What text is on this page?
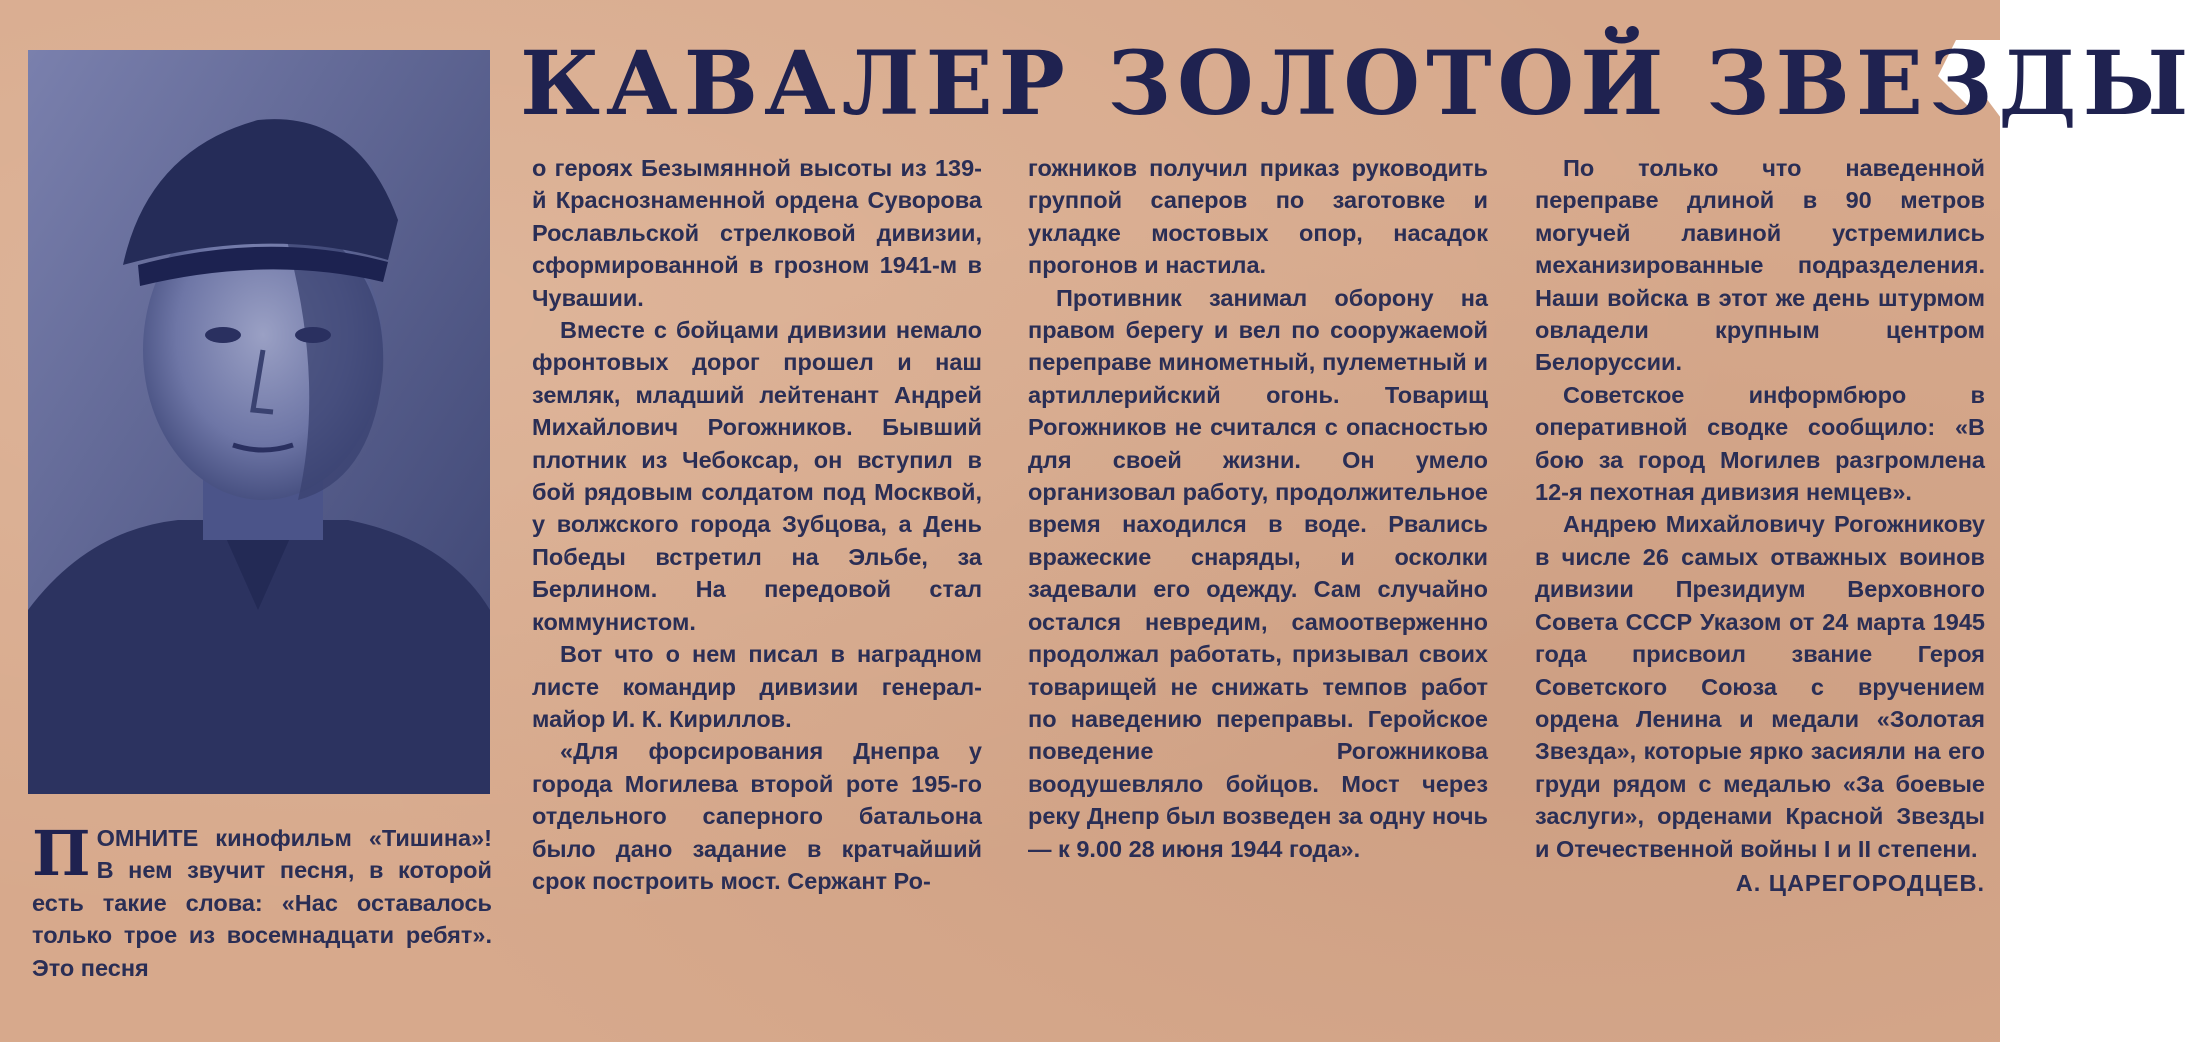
КАВАЛЕР ЗОЛОТОЙ ЗВЕЗДЫ
ПОМНИТЕ кинофильм «Тишина»! В нем звучит песня, в которой есть такие слова: «Нас оставалось только трое из восемнадцати ребят». Это песня

о героях Безымянной высоты из 139-й Краснознаменной ордена Суворова Рославльской стрелковой дивизии, сформированной в грозном 1941-м в Чувашии.

Вместе с бойцами дивизии немало фронтовых дорог прошел и наш земляк, младший лейтенант Андрей Михайлович Рогожников. Бывший плотник из Чебоксар, он вступил в бой рядовым солдатом под Москвой, у волжского города Зубцова, а День Победы встретил на Эльбе, за Берлином. На передовой стал коммунистом.

Вот что о нем писал в наградном листе командир дивизии генерал-майор И. К. Кириллов.

«Для форсирования Днепра у города Могилева второй роте 195-го отдельного саперного батальона было дано задание в кратчайший срок построить мост. Сержант Ро-

гожников получил приказ руководить группой саперов по заготовке и укладке мостовых опор, насадок прогонов и настила.

Противник занимал оборону на правом берегу и вел по сооружаемой переправе минометный, пулеметный и артиллерийский огонь. Товарищ Рогожников не считался с опасностью для своей жизни. Он умело организовал работу, продолжительное время находился в воде. Рвались вражеские снаряды, и осколки задевали его одежду. Сам случайно остался невредим, самоотверженно продолжал работать, призывал своих товарищей не снижать темпов работ по наведению переправы. Геройское поведение Рогожникова воодушевляло бойцов. Мост через реку Днепр был возведен за одну ночь — к 9.00 28 июня 1944 года».

По только что наведенной переправе длиной в 90 метров могучей лавиной устремились механизированные подразделения. Наши войска в этот же день штурмом овладели крупным центром Белоруссии.

Советское информбюро в оперативной сводке сообщило: «В бою за город Могилев разгромлена 12-я пехотная дивизия немцев».

Андрею Михайловичу Рогожникову в числе 26 самых отважных воинов дивизии Президиум Верховного Совета СССР Указом от 24 марта 1945 года присвоил звание Героя Советского Союза с вручением ордена Ленина и медали «Золотая Звезда», которые ярко засияли на его груди рядом с медалью «За боевые заслуги», орденами Красной Звезды и Отечественной войны I и II степени.

А. ЦАРЕГОРОДЦЕВ.
